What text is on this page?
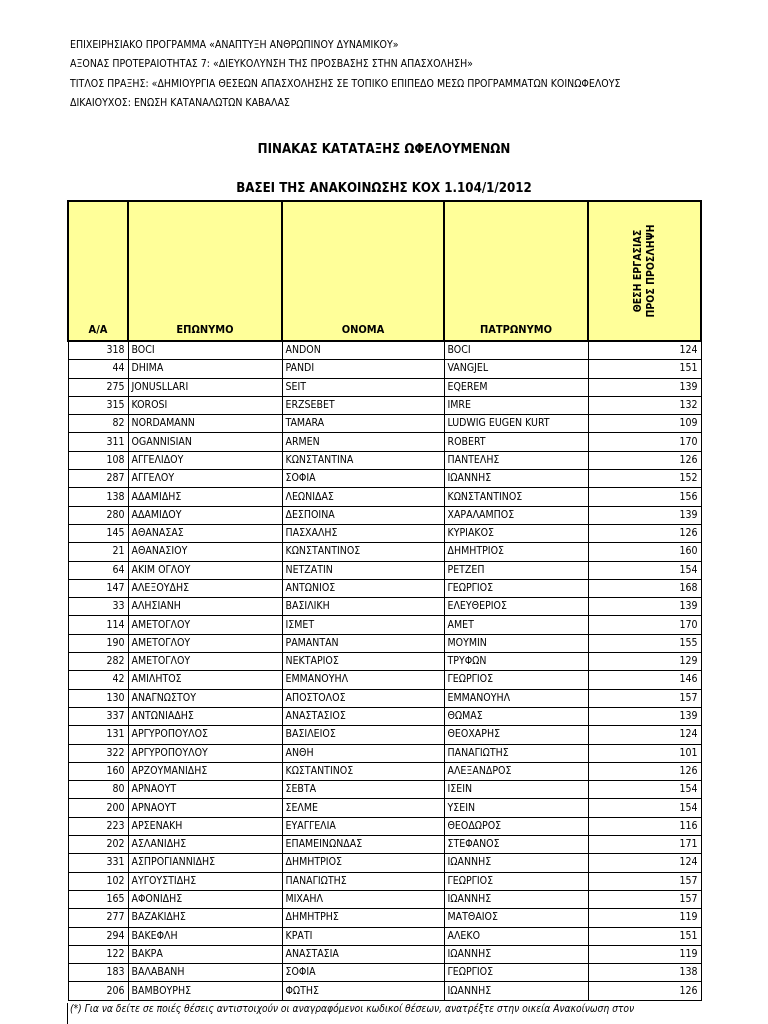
ΕΠΙΧΕΙΡΗΣΙΑΚΟ ΠΡΟΓΡΑΜΜΑ «ΑΝΑΠΤΥΞΗ ΑΝΘΡΩΠΙΝΟΥ ΔΥΝΑΜΙΚΟΥ»
ΑΞΟΝΑΣ ΠΡΟΤΕΡΑΙΟΤΗΤΑΣ 7: «ΔΙΕΥΚΟΛΥΝΣΗ ΤΗΣ ΠΡΟΣΒΑΣΗΣ ΣΤΗΝ ΑΠΑΣΧΟΛΗΣΗ»
ΤΙΤΛΟΣ ΠΡΑΞΗΣ: «ΔΗΜΙΟΥΡΓΙΑ ΘΕΣΕΩΝ ΑΠΑΣΧΟΛΗΣΗΣ ΣΕ ΤΟΠΙΚΟ ΕΠΙΠΕΔΟ ΜΕΣΩ ΠΡΟΓΡΑΜΜΑΤΩΝ ΚΟΙΝΩΦΕΛΟΥΣ
ΔΙΚΑΙΟΥΧΟΣ: ΕΝΩΣΗ ΚΑΤΑΝΑΛΩΤΩΝ ΚΑΒΑΛΑΣ
ΠΙΝΑΚΑΣ ΚΑΤΑΤΑΞΗΣ ΩΦΕΛΟΥΜΕΝΩΝ
ΒΑΣΕΙ ΤΗΣ ΑΝΑΚΟΙΝΩΣΗΣ ΚΟΧ 1.104/1/2012
Α/Α	ΕΠΩΝΥΜΟ	ΟΝΟΜΑ	ΠΑΤΡΩΝΥΜΟ	ΘΕΣΗ ΕΡΓΑΣΙΑΣ ΠΡΟΣ ΠΡΟΣΛΗΨΗ

318	BOCI	ANDON	BOCI	124
44	DHIMA	PANDI	VANGJEL	151
275	JONUSLLARI	SEIT	EQEREM	139
315	KOROSI	ERZSEBET	IMRE	132
82	NORDAMANN	TAMARA	LUDWIG EUGEN KURT	109
311	OGANNISIAN	ARMEN	ROBERT	170
108	ΑΓΓΕΛΙΔΟΥ	ΚΩΝΣΤΑΝΤΙΝΑ	ΠΑΝΤΕΛΗΣ	126
287	ΑΓΓΕΛΟΥ	ΣΟΦΙΑ	ΙΩΑΝΝΗΣ	152
138	ΑΔΑΜΙΔΗΣ	ΛΕΩΝΙΔΑΣ	ΚΩΝΣΤΑΝΤΙΝΟΣ	156
280	ΑΔΑΜΙΔΟΥ	ΔΕΣΠΟΙΝΑ	ΧΑΡΑΛΑΜΠΟΣ	139
145	ΑΘΑΝΑΣΑΣ	ΠΑΣΧΑΛΗΣ	ΚΥΡΙΑΚΟΣ	126
21	ΑΘΑΝΑΣΙΟΥ	ΚΩΝΣΤΑΝΤΙΝΟΣ	ΔΗΜΗΤΡΙΟΣ	160
64	ΑΚΙΜ ΟΓΛΟΥ	ΝΕΤΖΑΤΙΝ	ΡΕΤΖΕΠ	154
147	ΑΛΕΞΟΥΔΗΣ	ΑΝΤΩΝΙΟΣ	ΓΕΩΡΓΙΟΣ	168
33	ΑΛΗΣΙΑΝΗ	ΒΑΣΙΛΙΚΗ	ΕΛΕΥΘΕΡΙΟΣ	139
114	ΑΜΕΤΟΓΛΟΥ	ΙΣΜΕΤ	ΑΜΕΤ	170
190	ΑΜΕΤΟΓΛΟΥ	ΡΑΜΑΝΤΑΝ	ΜΟΥΜΙΝ	155
282	ΑΜΕΤΟΓΛΟΥ	ΝΕΚΤΑΡΙΟΣ	ΤΡΥΦΩΝ	129
42	ΑΜΙΛΗΤΟΣ	ΕΜΜΑΝΟΥΗΛ	ΓΕΩΡΓΙΟΣ	146
130	ΑΝΑΓΝΩΣΤΟΥ	ΑΠΟΣΤΟΛΟΣ	ΕΜΜΑΝΟΥΗΛ	157
337	ΑΝΤΩΝΙΑΔΗΣ	ΑΝΑΣΤΑΣΙΟΣ	ΘΩΜΑΣ	139
131	ΑΡΓΥΡΟΠΟΥΛΟΣ	ΒΑΣΙΛΕΙΟΣ	ΘΕΟΧΑΡΗΣ	124
322	ΑΡΓΥΡΟΠΟΥΛΟΥ	ΑΝΘΗ	ΠΑΝΑΓΙΩΤΗΣ	101
160	ΑΡΖΟΥΜΑΝΙΔΗΣ	ΚΩΣΤΑΝΤΙΝΟΣ	ΑΛΕΞΑΝΔΡΟΣ	126
80	ΑΡΝΑΟΥΤ	ΣΕΒΤΑ	ΙΣΕΙΝ	154
200	ΑΡΝΑΟΥΤ	ΣΕΛΜΕ	ΥΣΕΙΝ	154
223	ΑΡΣΕΝΑΚΗ	ΕΥΑΓΓΕΛΙΑ	ΘΕΟΔΩΡΟΣ	116
202	ΑΣΛΑΝΙΔΗΣ	ΕΠΑΜΕΙΝΩΝΔΑΣ	ΣΤΕΦΑΝΟΣ	171
331	ΑΣΠΡΟΓΙΑΝΝΙΔΗΣ	ΔΗΜΗΤΡΙΟΣ	ΙΩΑΝΝΗΣ	124
102	ΑΥΓΟΥΣΤΙΔΗΣ	ΠΑΝΑΓΙΩΤΗΣ	ΓΕΩΡΓΙΟΣ	157
165	ΑΦΟΝΙΔΗΣ	ΜΙΧΑΗΛ	ΙΩΑΝΝΗΣ	157
277	ΒΑΖΑΚΙΔΗΣ	ΔΗΜΗΤΡΗΣ	ΜΑΤΘΑΙΟΣ	119
294	ΒΑΚΕΦΛΗ	ΚΡΑΤΙ	ΑΛΕΚΟ	151
122	ΒΑΚΡΑ	ΑΝΑΣΤΑΣΙΑ	ΙΩΑΝΝΗΣ	119
183	ΒΑΛΑΒΑΝΗ	ΣΟΦΙΑ	ΓΕΩΡΓΙΟΣ	138
206	ΒΑΜΒΟΥΡΗΣ	ΦΩΤΗΣ	ΙΩΑΝΝΗΣ	126
(*) Για να δείτε σε ποιές θέσεις αντιστοιχούν οι αναγραφόμενοι κωδικοί θέσεων, ανατρέξτε στην οικεία Ανακοίνωση στον
